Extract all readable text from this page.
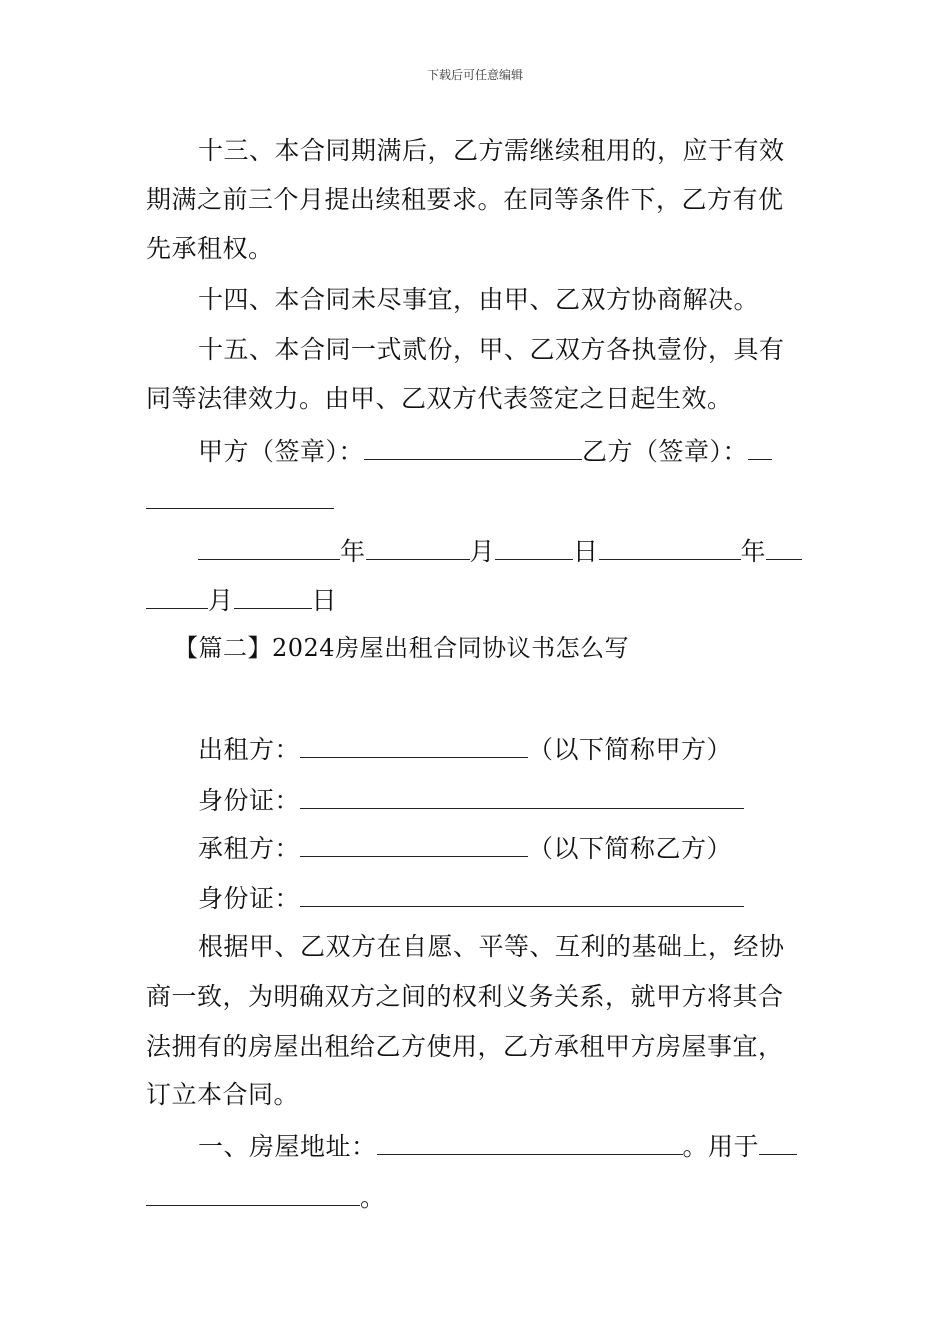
下载后可任意编辑
十三、本合同期满后，乙方需继续租用的，应于有效
期满之前三个月提出续租要求。在同等条件下，乙方有优
先承租权。
十四、本合同未尽事宜，由甲、乙双方协商解决。
十五、本合同一式贰份，甲、乙双方各执壹份，具有
同等法律效力。由甲、乙双方代表签定之日起生效。
甲方（签章）：	乙方（签章）：
年	月	日	年
月	日
【篇二】2024房屋出租合同协议书怎么写
出租方：	（以下简称甲方）
身份证：
承租方：	（以下简称乙方）
身份证：
根据甲、乙双方在自愿、平等、互利的基础上，经协
商一致，为明确双方之间的权利义务关系，就甲方将其合
法拥有的房屋出租给乙方使用，乙方承租甲方房屋事宜，
订立本合同。
一、房屋地址：	。用于
。
